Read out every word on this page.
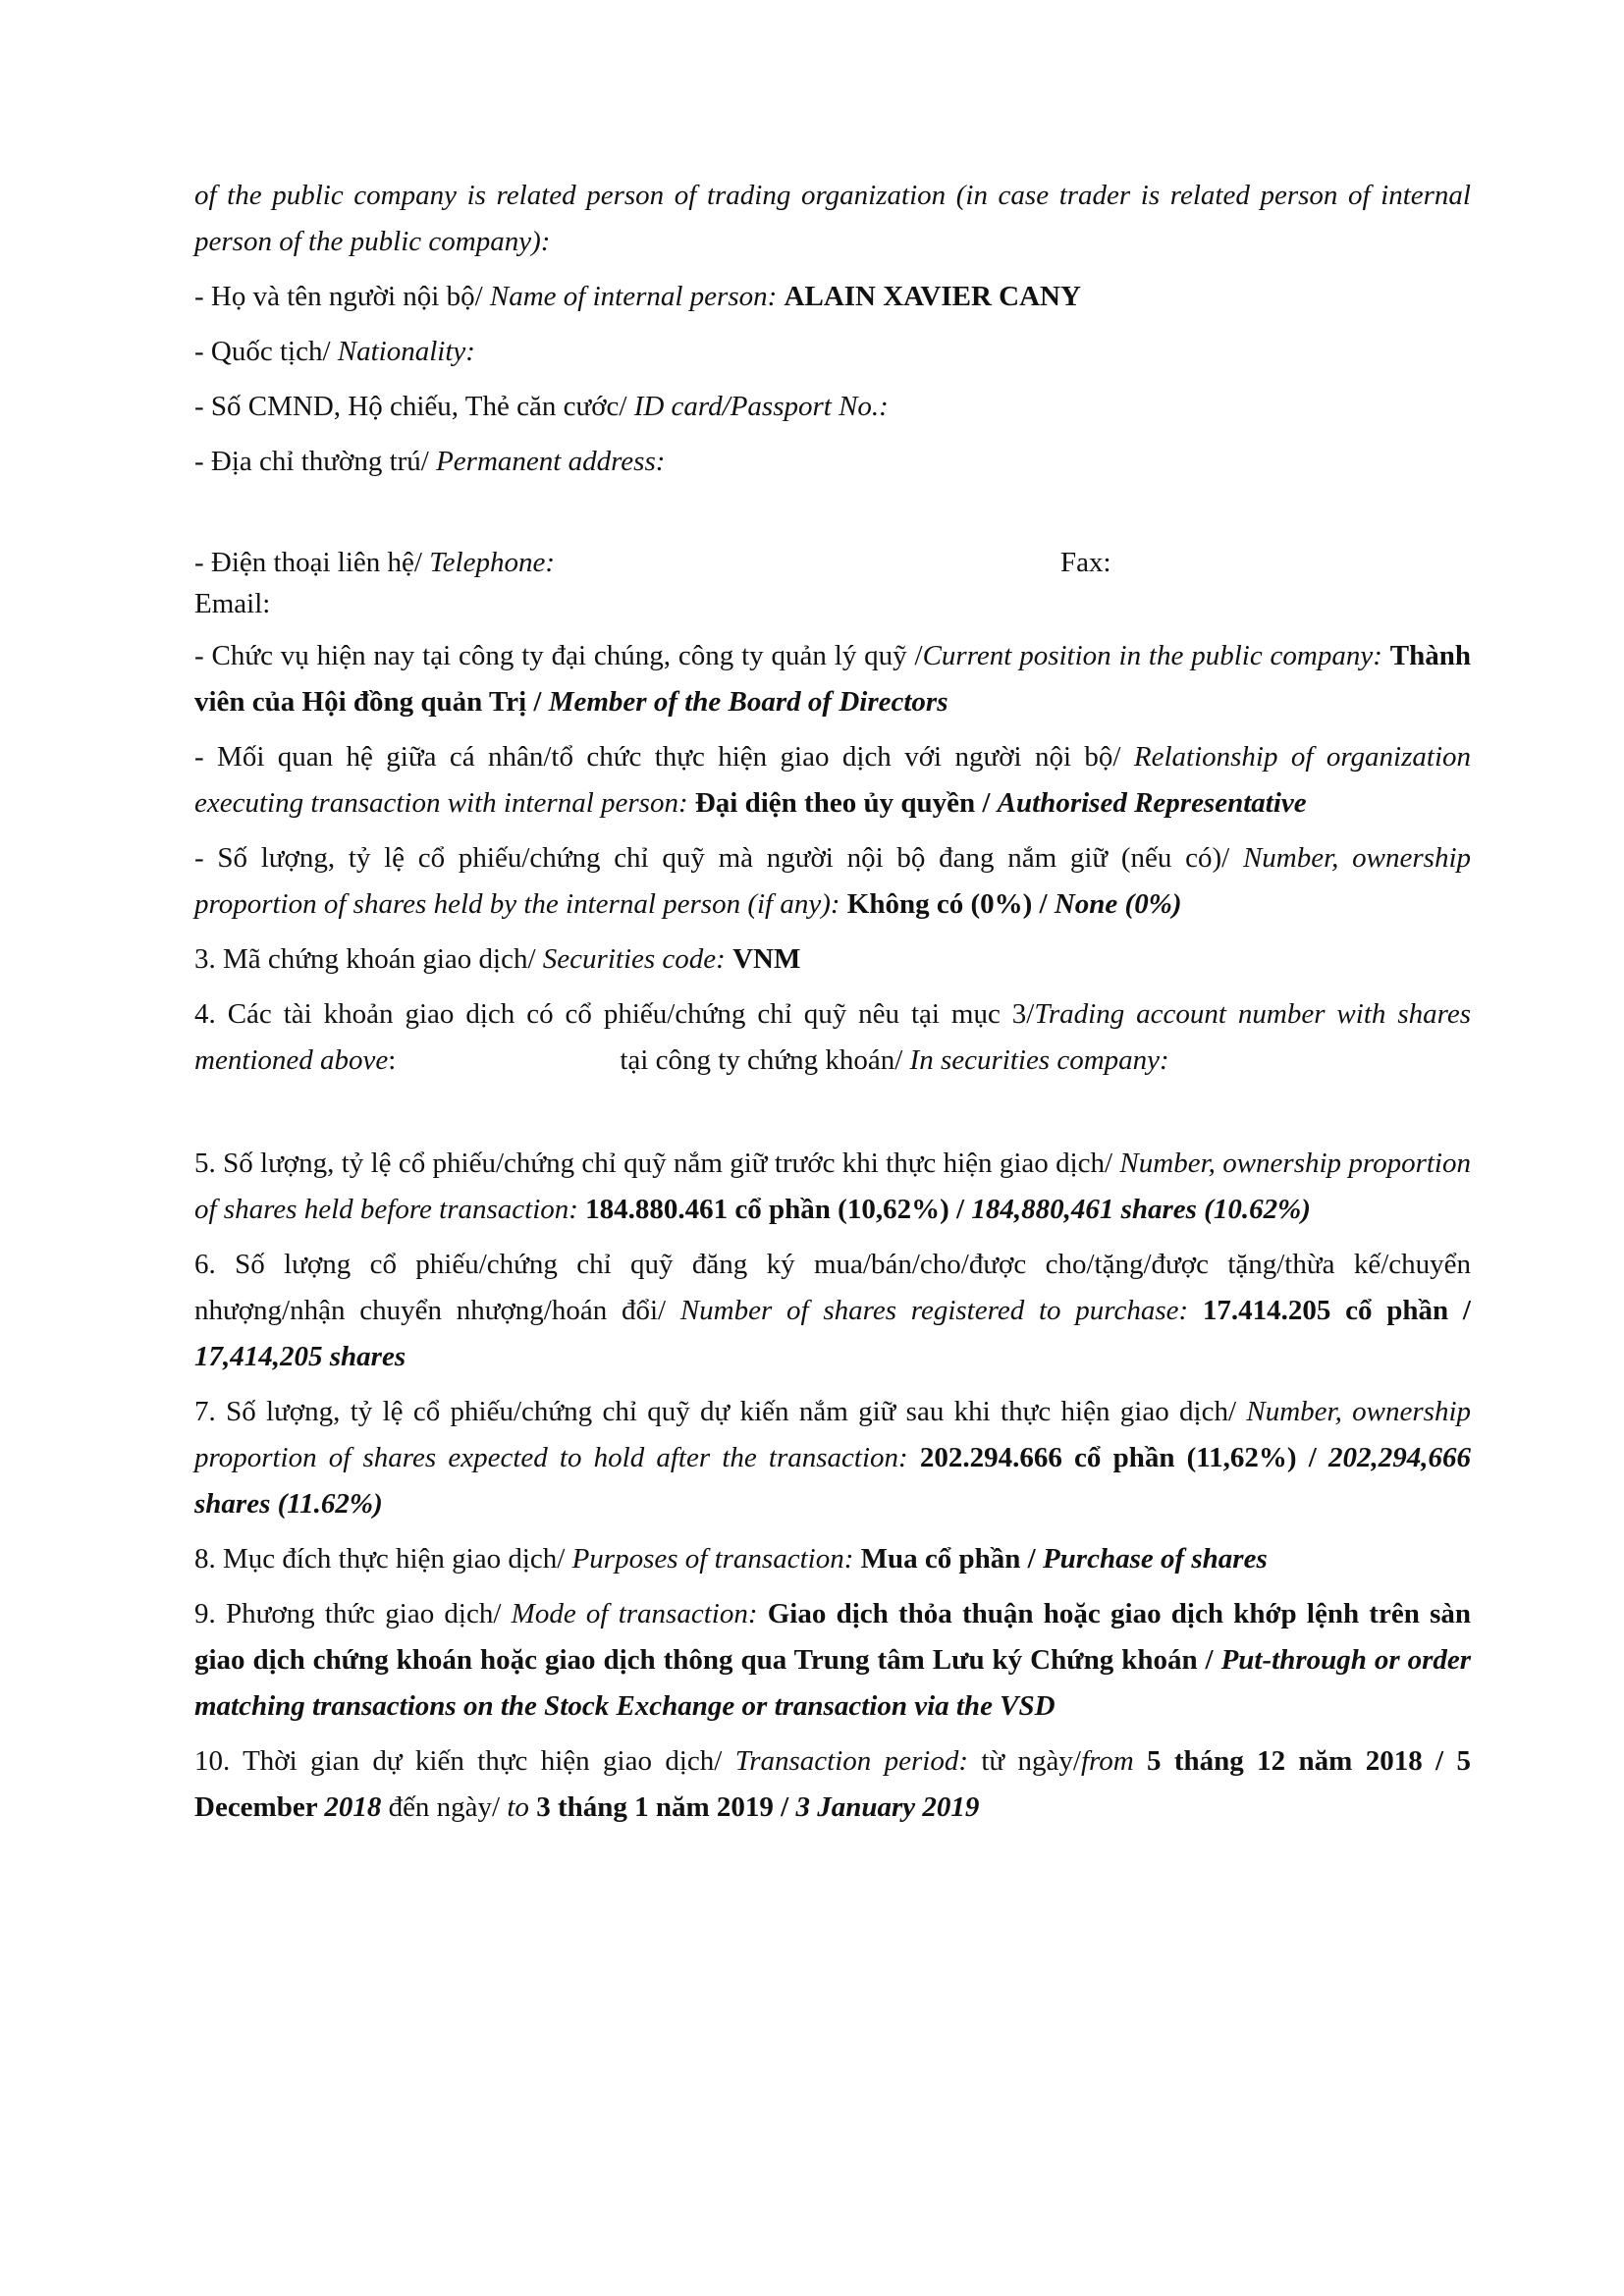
of the public company is related person of trading organization (in case trader is related person of internal person of the public company):

- Họ và tên người nội bộ/ Name of internal person: ALAIN XAVIER CANY

- Quốc tịch/ Nationality:

- Số CMND, Hộ chiếu, Thẻ căn cước/ ID card/Passport No.:

- Địa chỉ thường trú/ Permanent address:

- Điện thoại liên hệ/ Telephone:	Fax:
Email:

- Chức vụ hiện nay tại công ty đại chúng, công ty quản lý quỹ /Current position in the public company: Thành viên của Hội đồng quản Trị / Member of the Board of Directors

- Mối quan hệ giữa cá nhân/tổ chức thực hiện giao dịch với người nội bộ/ Relationship of organization executing transaction with internal person: Đại diện theo ủy quyền / Authorised Representative

- Số lượng, tỷ lệ cổ phiếu/chứng chỉ quỹ mà người nội bộ đang nắm giữ (nếu có)/ Number, ownership proportion of shares held by the internal person (if any): Không có (0%) / None (0%)

3. Mã chứng khoán giao dịch/ Securities code: VNM

4. Các tài khoản giao dịch có cổ phiếu/chứng chỉ quỹ nêu tại mục 3/Trading account number with shares mentioned above:	tại công ty chứng khoán/ In securities company:

5. Số lượng, tỷ lệ cổ phiếu/chứng chỉ quỹ nắm giữ trước khi thực hiện giao dịch/ Number, ownership proportion of shares held before transaction: 184.880.461 cổ phần (10,62%) / 184,880,461 shares (10.62%)

6. Số lượng cổ phiếu/chứng chỉ quỹ đăng ký mua/bán/cho/được cho/tặng/được tặng/thừa kế/chuyển nhượng/nhận chuyển nhượng/hoán đổi/ Number of shares registered to purchase: 17.414.205 cổ phần / 17,414,205 shares

7. Số lượng, tỷ lệ cổ phiếu/chứng chỉ quỹ dự kiến nắm giữ sau khi thực hiện giao dịch/ Number, ownership proportion of shares expected to hold after the transaction: 202.294.666 cổ phần (11,62%) / 202,294,666 shares (11.62%)

8. Mục đích thực hiện giao dịch/ Purposes of transaction: Mua cổ phần / Purchase of shares

9. Phương thức giao dịch/ Mode of transaction: Giao dịch thỏa thuận hoặc giao dịch khớp lệnh trên sàn giao dịch chứng khoán hoặc giao dịch thông qua Trung tâm Lưu ký Chứng khoán / Put-through or order matching transactions on the Stock Exchange or transaction via the VSD

10. Thời gian dự kiến thực hiện giao dịch/ Transaction period: từ ngày/from 5 tháng 12 năm 2018 / 5 December 2018 đến ngày/ to 3 tháng 1 năm 2019 / 3 January 2019
